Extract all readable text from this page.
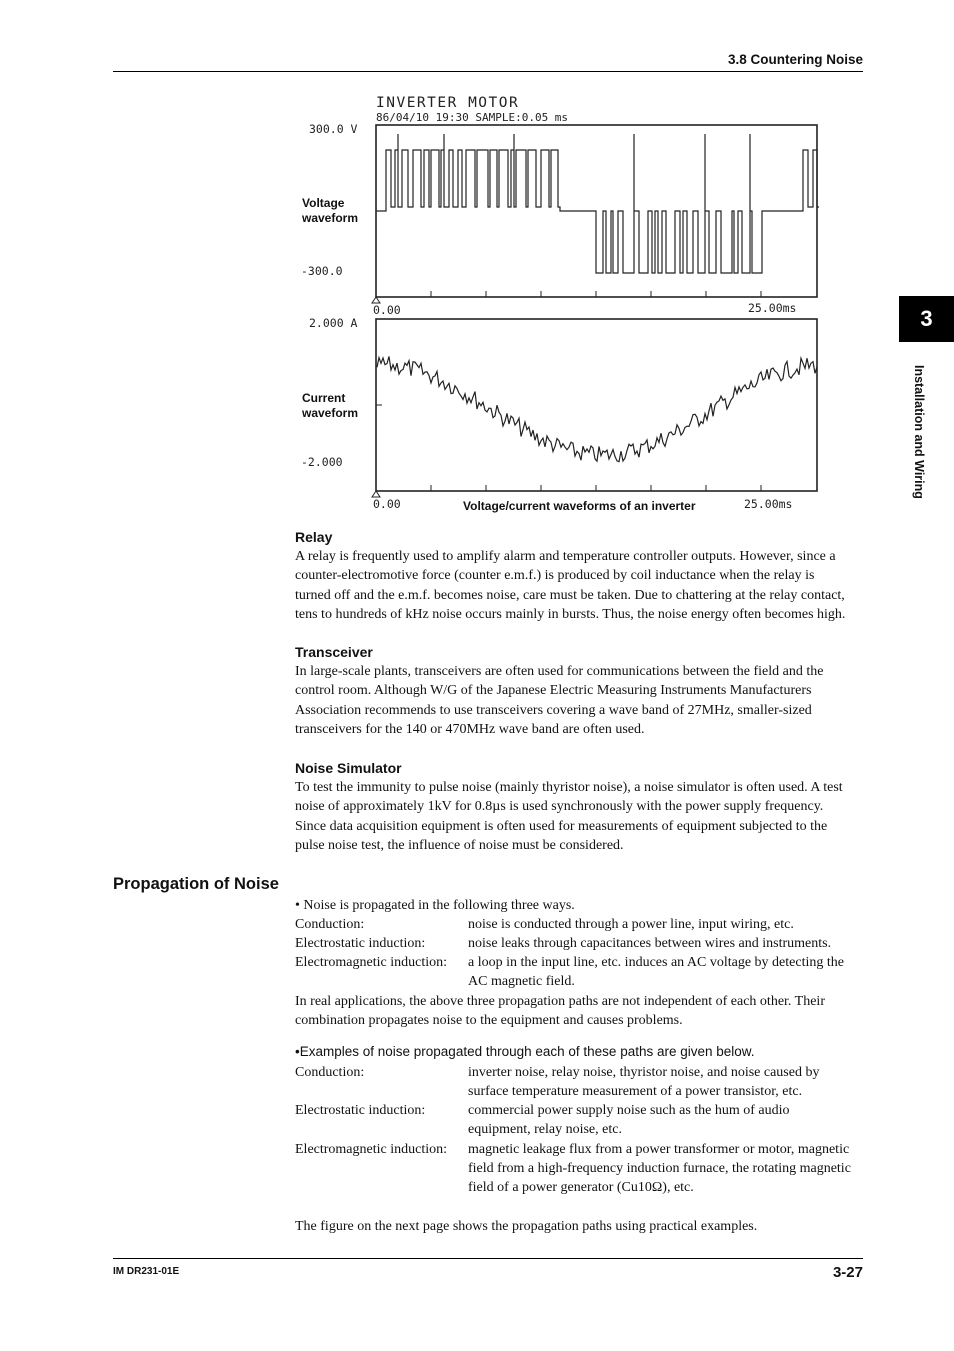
3.8 Countering Noise
3
Installation and Wiring
INVERTER MOTOR
86/04/10 19:30 SAMPLE:0.05 ms
300.0 V
-300.0
Voltage
waveform
0.00	25.00ms
2.000 A
-2.000
Current
waveform
0.00	25.00ms
Voltage/current waveforms of an inverter
Relay
A relay is frequently used to amplify alarm and temperature controller outputs. However, since a
counter-electromotive force (counter e.m.f.) is produced by coil inductance when the relay is
turned off and the e.m.f. becomes noise, care must be taken. Due to chattering at the relay contact,
tens to hundreds of kHz noise occurs mainly in bursts. Thus, the noise energy often becomes high.
Transceiver
In large-scale plants, transceivers are often used for communications between the field and the
control room. Although W/G of the Japanese Electric Measuring Instruments Manufacturers
Association recommends to use transceivers covering a wave band of 27MHz, smaller-sized
transceivers for the 140 or 470MHz wave band are often used.
Noise Simulator
To test the immunity to pulse noise (mainly thyristor noise), a noise simulator is often used. A test
noise of approximately 1kV for 0.8µs is used synchronously with the power supply frequency.
Since data acquisition equipment is often used for measurements of equipment subjected to the
pulse noise test, the influence of noise must be considered.
Propagation of Noise
• Noise is propagated in the following three ways.
Conduction:	noise is conducted through a power line, input wiring, etc.
Electrostatic induction:	noise leaks through capacitances between wires and instruments.
Electromagnetic induction: a loop in the input line, etc. induces an AC voltage by detecting the
AC magnetic field.
In real applications, the above three propagation paths are not independent of each other. Their
combination propagates noise to the equipment and causes problems.
•Examples of noise propagated through each of these paths are given below.
Conduction:	inverter noise, relay noise, thyristor noise, and noise caused by
surface temperature measurement of a power transistor, etc.
Electrostatic induction:	commercial power supply noise such as the hum of audio
equipment, relay noise, etc.
Electromagnetic induction: magnetic leakage flux from a power transformer or motor, magnetic
field from a high-frequency induction furnace, the rotating magnetic
field of a power generator (Cu10Ω), etc.
The figure on the next page shows the propagation paths using practical examples.
IM DR231-01E	3-27
